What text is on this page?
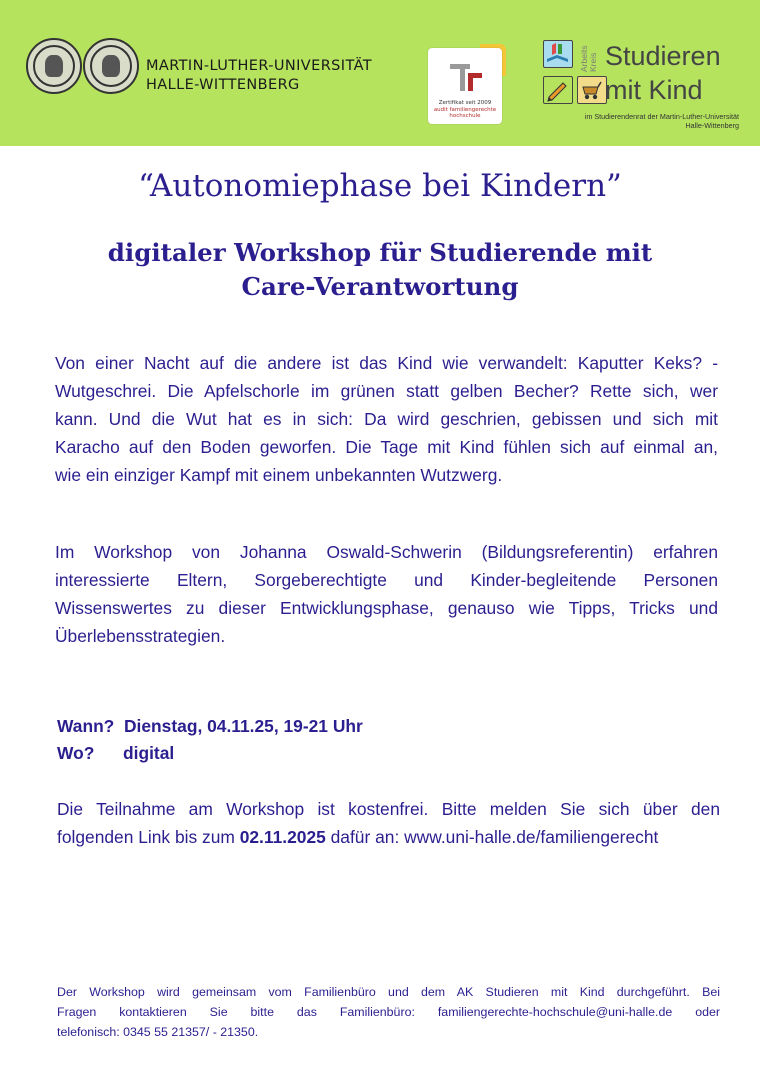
MARTIN-LUTHER-UNIVERSITÄT
HALLE-WITTENBERG
Zertifikat seit 2009
audit familiengerechte
hochschule
Arbeits Kreis Studieren
mit Kind
im Studierendenrat der Martin-Luther-Universität
Halle-Wittenberg
“Autonomiephase bei Kindern”
digitaler Workshop für Studierende mit
Care-Verantwortung
Von einer Nacht auf die andere ist das Kind wie verwandelt: Kaputter Keks? -
Wutgeschrei. Die Apfelschorle im grünen statt gelben Becher? Rette sich, wer
kann. Und die Wut hat es in sich: Da wird geschrien, gebissen und sich mit
Karacho auf den Boden geworfen. Die Tage mit Kind fühlen sich auf einmal an,
wie ein einziger Kampf mit einem unbekannten Wutzwerg.
Im Workshop von Johanna Oswald-Schwerin (Bildungsreferentin) erfahren
interessierte Eltern, Sorgeberechtigte und Kinder-begleitende Personen
Wissenswertes zu dieser Entwicklungsphase, genauso wie Tipps, Tricks und
Überlebensstrategien.
Wann? Dienstag, 04.11.25, 19-21 Uhr
Wo? digital
Die Teilnahme am Workshop ist kostenfrei. Bitte melden Sie sich über den
folgenden Link bis zum 02.11.2025 dafür an: www.uni-halle.de/familiengerecht
Der Workshop wird gemeinsam vom Familienbüro und dem AK Studieren mit Kind durchgeführt. Bei
Fragen kontaktieren Sie bitte das Familienbüro: familiengerechte-hochschule@uni-halle.de oder
telefonisch: 0345 55 21357/ - 21350.
